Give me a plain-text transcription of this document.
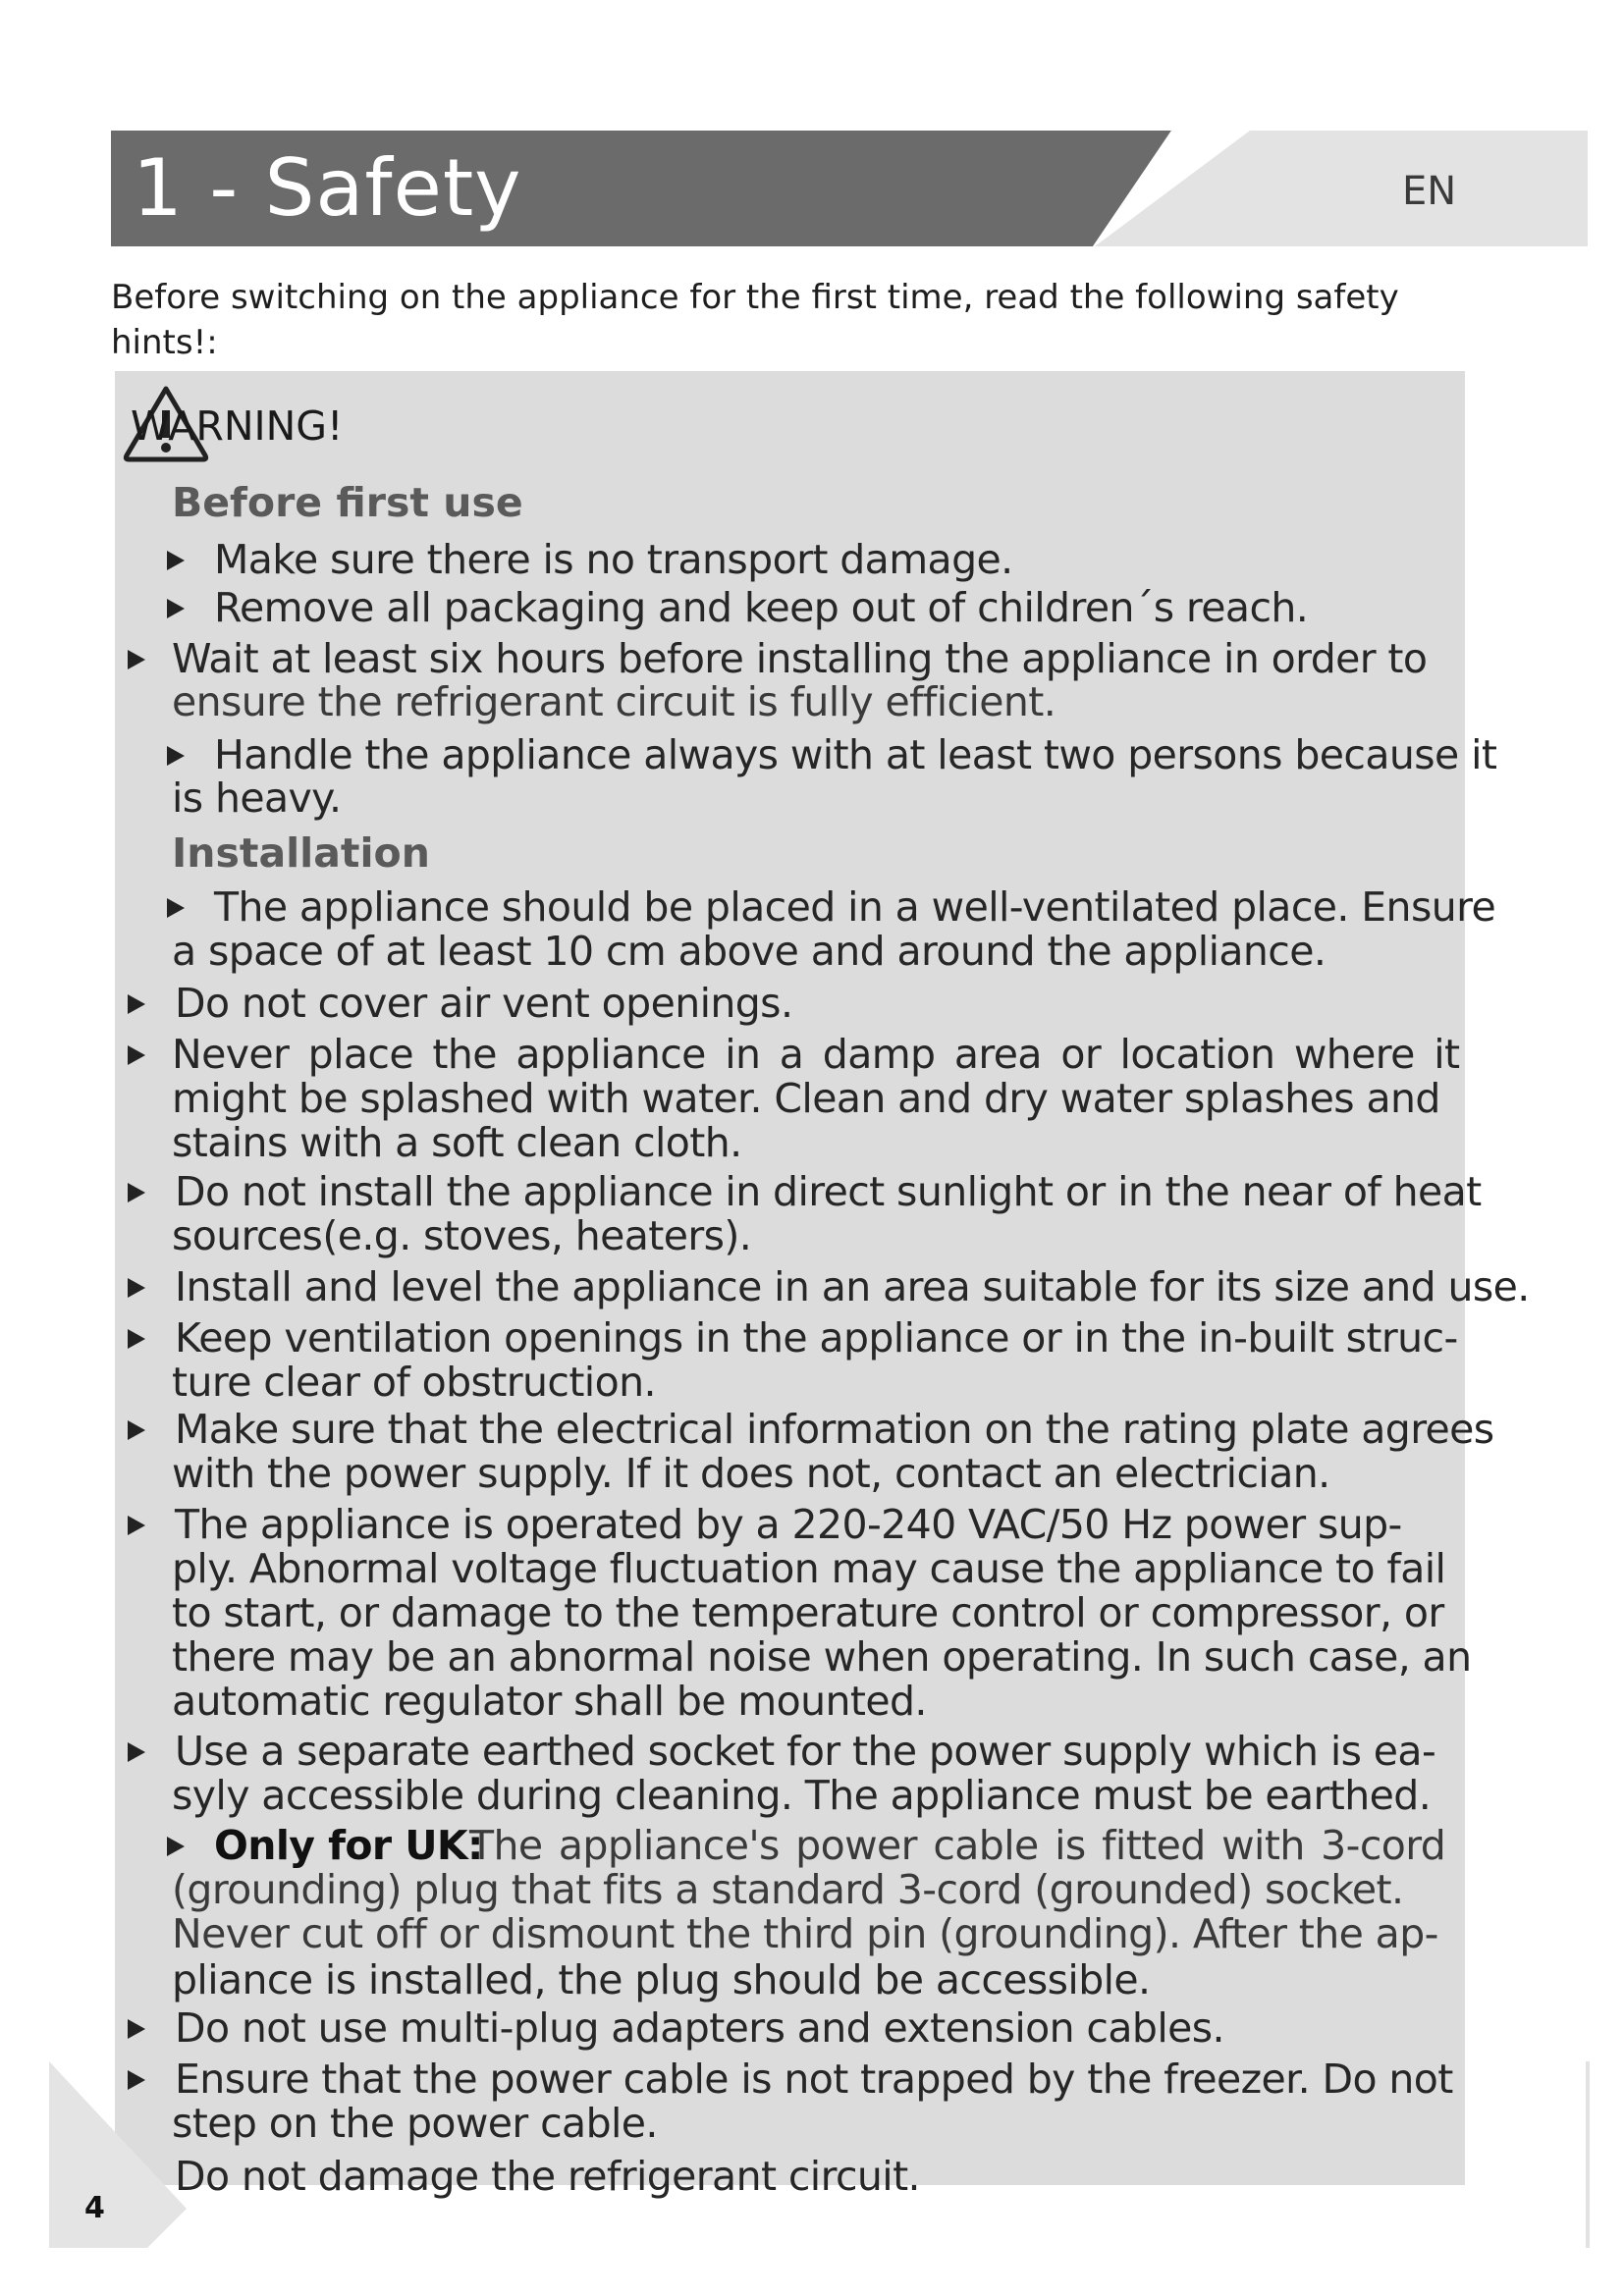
1 - Safety	EN
Before switching on the appliance for the first time, read the following safety hints!:
WARNING!
Before first use
Make sure there is no transport damage.
Remove all packaging and keep out of children´s reach.
Wait at least six hours before installing the appliance in order to
ensure the refrigerant circuit is fully efficient.
Handle the appliance always with at least two persons because it
is heavy.
Installation
The appliance should be placed in a well-ventilated place. Ensure
a space of at least 10 cm above and around the appliance.
Do not cover air vent openings.
Never place the appliance in a damp area or location where it
might be splashed with water. Clean and dry water splashes and
stains with a soft clean cloth.
Do not install the appliance in direct sunlight or in the near of heat
sources(e.g. stoves, heaters).
Install and level the appliance in an area suitable for its size and use.
Keep ventilation openings in the appliance or in the in-built struc-
ture clear of obstruction.
Make sure that the electrical information on the rating plate agrees
with the power supply. If it does not, contact an electrician.
The appliance is operated by a 220-240 VAC/50 Hz power sup-
ply. Abnormal voltage fluctuation may cause the appliance to fail
to start, or damage to the temperature control or compressor, or
there may be an abnormal noise when operating. In such case, an
automatic regulator shall be mounted.
Use a separate earthed socket for the power supply which is ea-
syly accessible during cleaning. The appliance must be earthed.
Only for UK:
The appliance's power cable is fitted with 3-cord
(grounding) plug that fits a standard 3-cord (grounded) socket.
Never cut off or dismount the third pin (grounding). After the ap-
pliance is installed, the plug should be accessible.
Do not use multi-plug adapters and extension cables.
Ensure that the power cable is not trapped by the freezer. Do not
step on the power cable.
Do not damage the refrigerant circuit.
4
